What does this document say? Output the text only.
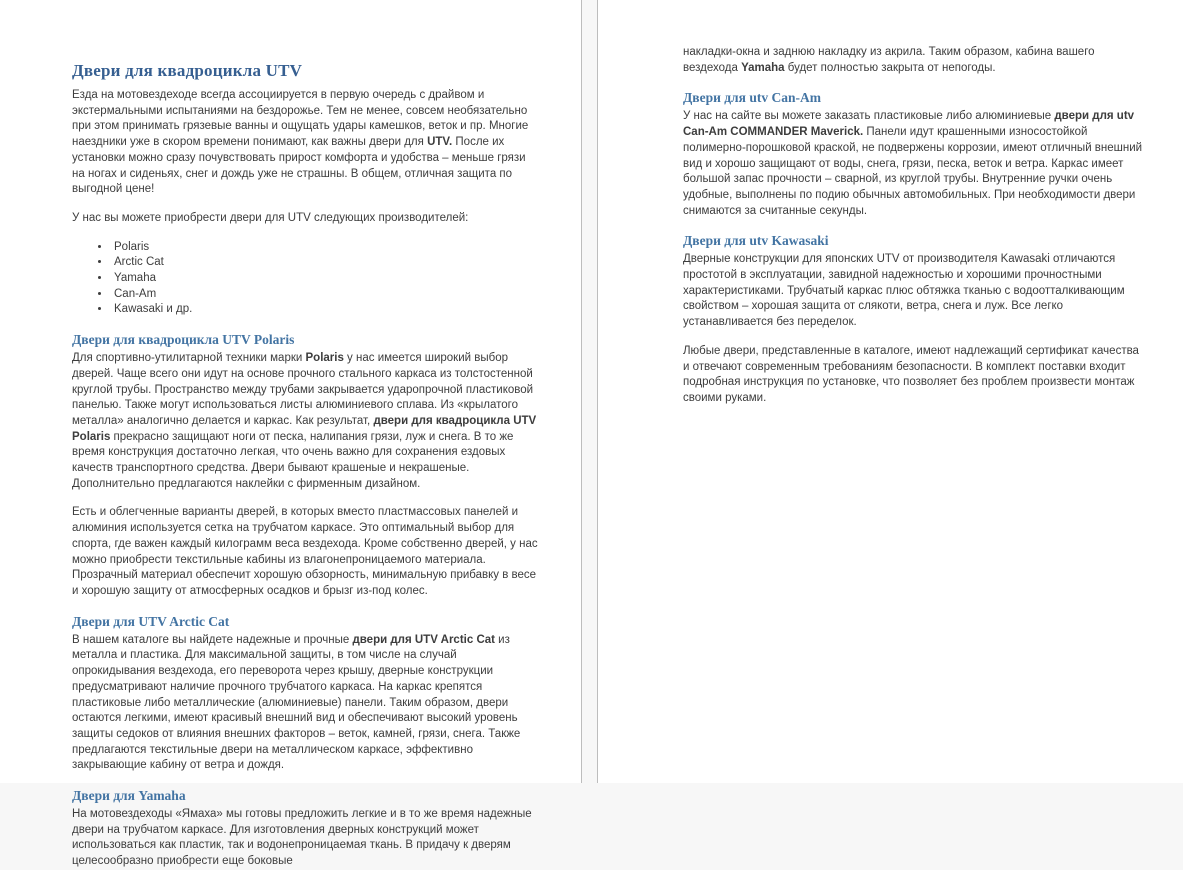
Двери для квадроцикла UTV

Езда на мотовездеходе всегда ассоциируется в первую очередь с драйвом и экстермальными испытаниями на бездорожье. Тем не менее, совсем необязательно при этом принимать грязевые ванны и ощущать удары камешков, веток и пр. Многие наездники уже в скором времени понимают, как важны двери для UTV. После их установки можно сразу почувствовать прирост комфорта и удобства – меньше грязи на ногах и сиденьях, снег и дождь уже не страшны. В общем, отличная защита по выгодной цене!

У нас вы можете приобрести двери для UTV следующих производителей:

• Polaris
• Arctic Cat
• Yamaha
• Can-Am
• Kawasaki и др.
Двери для квадроцикла UTV Polaris

Для спортивно-утилитарной техники марки Polaris у нас имеется широкий выбор дверей. Чаще всего они идут на основе прочного стального каркаса из толстостенной круглой трубы. Пространство между трубами закрывается ударопрочной пластиковой панелью. Также могут использоваться листы алюминиевого сплава. Из «крылатого металла» аналогично делается и каркас. Как результат, двери для квадроцикла UTV Polaris прекрасно защищают ноги от песка, налипания грязи, луж и снега. В то же время конструкция достаточно легкая, что очень важно для сохранения ездовых качеств транспортного средства. Двери бывают крашеные и некрашеные. Дополнительно предлагаются наклейки с фирменным дизайном.

Есть и облегченные варианты дверей, в которых вместо пластмассовых панелей и алюминия используется сетка на трубчатом каркасе. Это оптимальный выбор для спорта, где важен каждый килограмм веса вездехода. Кроме собственно дверей, у нас можно приобрести текстильные кабины из влагонепроницаемого материала. Прозрачный материал обеспечит хорошую обзорность, минимальную прибавку в весе и хорошую защиту от атмосферных осадков и брызг из-под колес.

Двери для UTV Arctic Cat

В нашем каталоге вы найдете надежные и прочные двери для UTV Arctic Cat из металла и пластика. Для максимальной защиты, в том числе на случай опрокидывания вездехода, его переворота через крышу, дверные конструкции предусматривают наличие прочного трубчатого каркаса. На каркас крепятся пластиковые либо металлические (алюминиевые) панели. Таким образом, двери остаются легкими, имеют красивый внешний вид и обеспечивают высокий уровень защиты седоков от влияния внешних факторов – веток, камней, грязи, снега. Также предлагаются текстильные двери на металлическом каркасе, эффективно закрывающие кабину от ветра и дождя.

Двери для Yamaha

На мотовездеходы «Ямаха» мы готовы предложить легкие и в то же время надежные двери на трубчатом каркасе. Для изготовления дверных конструкций может использоваться как пластик, так и водонепроницаемая ткань. В придачу к дверям целесообразно приобрести еще боковые

накладки-окна и заднюю накладку из акрила. Таким образом, кабина вашего вездехода Yamaha будет полностью закрыта от непогоды.

Двери для utv Can-Am

У нас на сайте вы можете заказать пластиковые либо алюминиевые двери для utv Can-Am COMMANDER Maverick. Панели идут крашенными износостойкой полимерно-порошковой краской, не подвержены коррозии, имеют отличный внешний вид и хорошо защищают от воды, снега, грязи, песка, веток и ветра. Каркас имеет большой запас прочности – сварной, из круглой трубы. Внутренние ручки очень удобные, выполнены по подию обычных автомобильных. При необходимости двери снимаются за считанные секунды.

Двери для utv Kawasaki

Дверные конструкции для японских UTV от производителя Kawasaki отличаются простотой в эксплуатации, завидной надежностью и хорошими прочностными характеристиками. Трубчатый каркас плюс обтяжка тканью с водоотталкивающим свойством – хорошая защита от слякоти, ветра, снега и луж. Все легко устанавливается без переделок.

Любые двери, представленные в каталоге, имеют надлежащий сертификат качества и отвечают современным требованиям безопасности. В комплект поставки входит подробная инструкция по установке, что позволяет без проблем произвести монтаж своими руками.
